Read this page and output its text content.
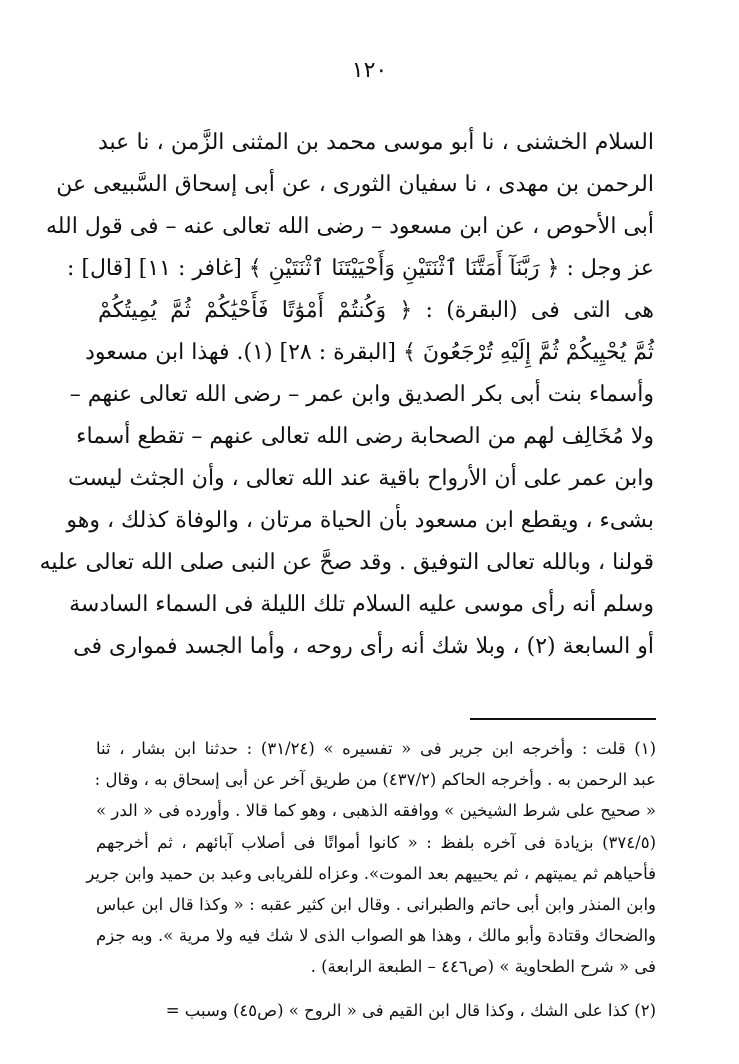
١٢٠
السلام الخشنى ، نا أبو موسى محمد بن المثنى الزَّمن ، نا عبد
الرحمن بن مهدى ، نا سفيان الثورى ، عن أبى إسحاق السَّبيعى عن
أبى الأحوص ، عن ابن مسعود – رضى الله تعالى عنه – فى قول الله
عز وجل : ﴿ رَبَّنَآ أَمَتَّنَا ٱثْنَتَيْنِ وَأَحْيَيْتَنَا ٱثْنَتَيْنِ ﴾ [غافر : ١١] [قال] :
هى التى فى (البقرة) : ﴿ وَكُنتُمْ أَمْوَٰتًا فَأَحْيَٰكُمْ ثُمَّ يُمِيتُكُمْ
ثُمَّ يُحْيِيكُمْ ثُمَّ إِلَيْهِ تُرْجَعُونَ ﴾ [البقرة : ٢٨] (١). فهذا ابن مسعود
وأسماء بنت أبى بكر الصديق وابن عمر – رضى الله تعالى عنهم –
ولا مُخَالِف لهم من الصحابة رضى الله تعالى عنهم – تقطع أسماء
وابن عمر على أن الأرواح باقية عند الله تعالى ، وأن الجثث ليست
بشىء ، ويقطع ابن مسعود بأن الحياة مرتان ، والوفاة كذلك ، وهو
قولنا ، وبالله تعالى التوفيق . وقد صحَّ عن النبى صلى الله تعالى عليه
وسلم أنه رأى موسى عليه السلام تلك الليلة فى السماء السادسة
أو السابعة (٢) ، وبلا شك أنه رأى روحه ، وأما الجسد فموارى فى
(١) قلت : وأخرجه ابن جرير فى « تفسيره » (٣١/٢٤) : حدثنا ابن بشار ، ثنا
عبد الرحمن به . وأخرجه الحاكم (٤٣٧/٢) من طريق آخر عن أبى إسحاق به ، وقال :
« صحيح على شرط الشيخين » ووافقه الذهبى ، وهو كما قالا . وأورده فى « الدر »
(٣٧٤/٥) بزيادة فى آخره بلفظ : « كانوا أمواتًا فى أصلاب آبائهم ، ثم أخرجهم
فأحياهم ثم يميتهم ، ثم يحييهم بعد الموت». وعزاه للفريابى وعبد بن حميد وابن جرير
وابن المنذر وابن أبى حاتم والطبرانى . وقال ابن كثير عقبه : « وكذا قال ابن عباس
والضحاك وقتادة وأبو مالك ، وهذا هو الصواب الذى لا شك فيه ولا مرية ». وبه جزم
فى « شرح الطحاوية » (ص٤٤٦ – الطبعة الرابعة) .
(٢) كذا على الشك ، وكذا قال ابن القيم فى « الروح » (ص٤٥) وسبب =
